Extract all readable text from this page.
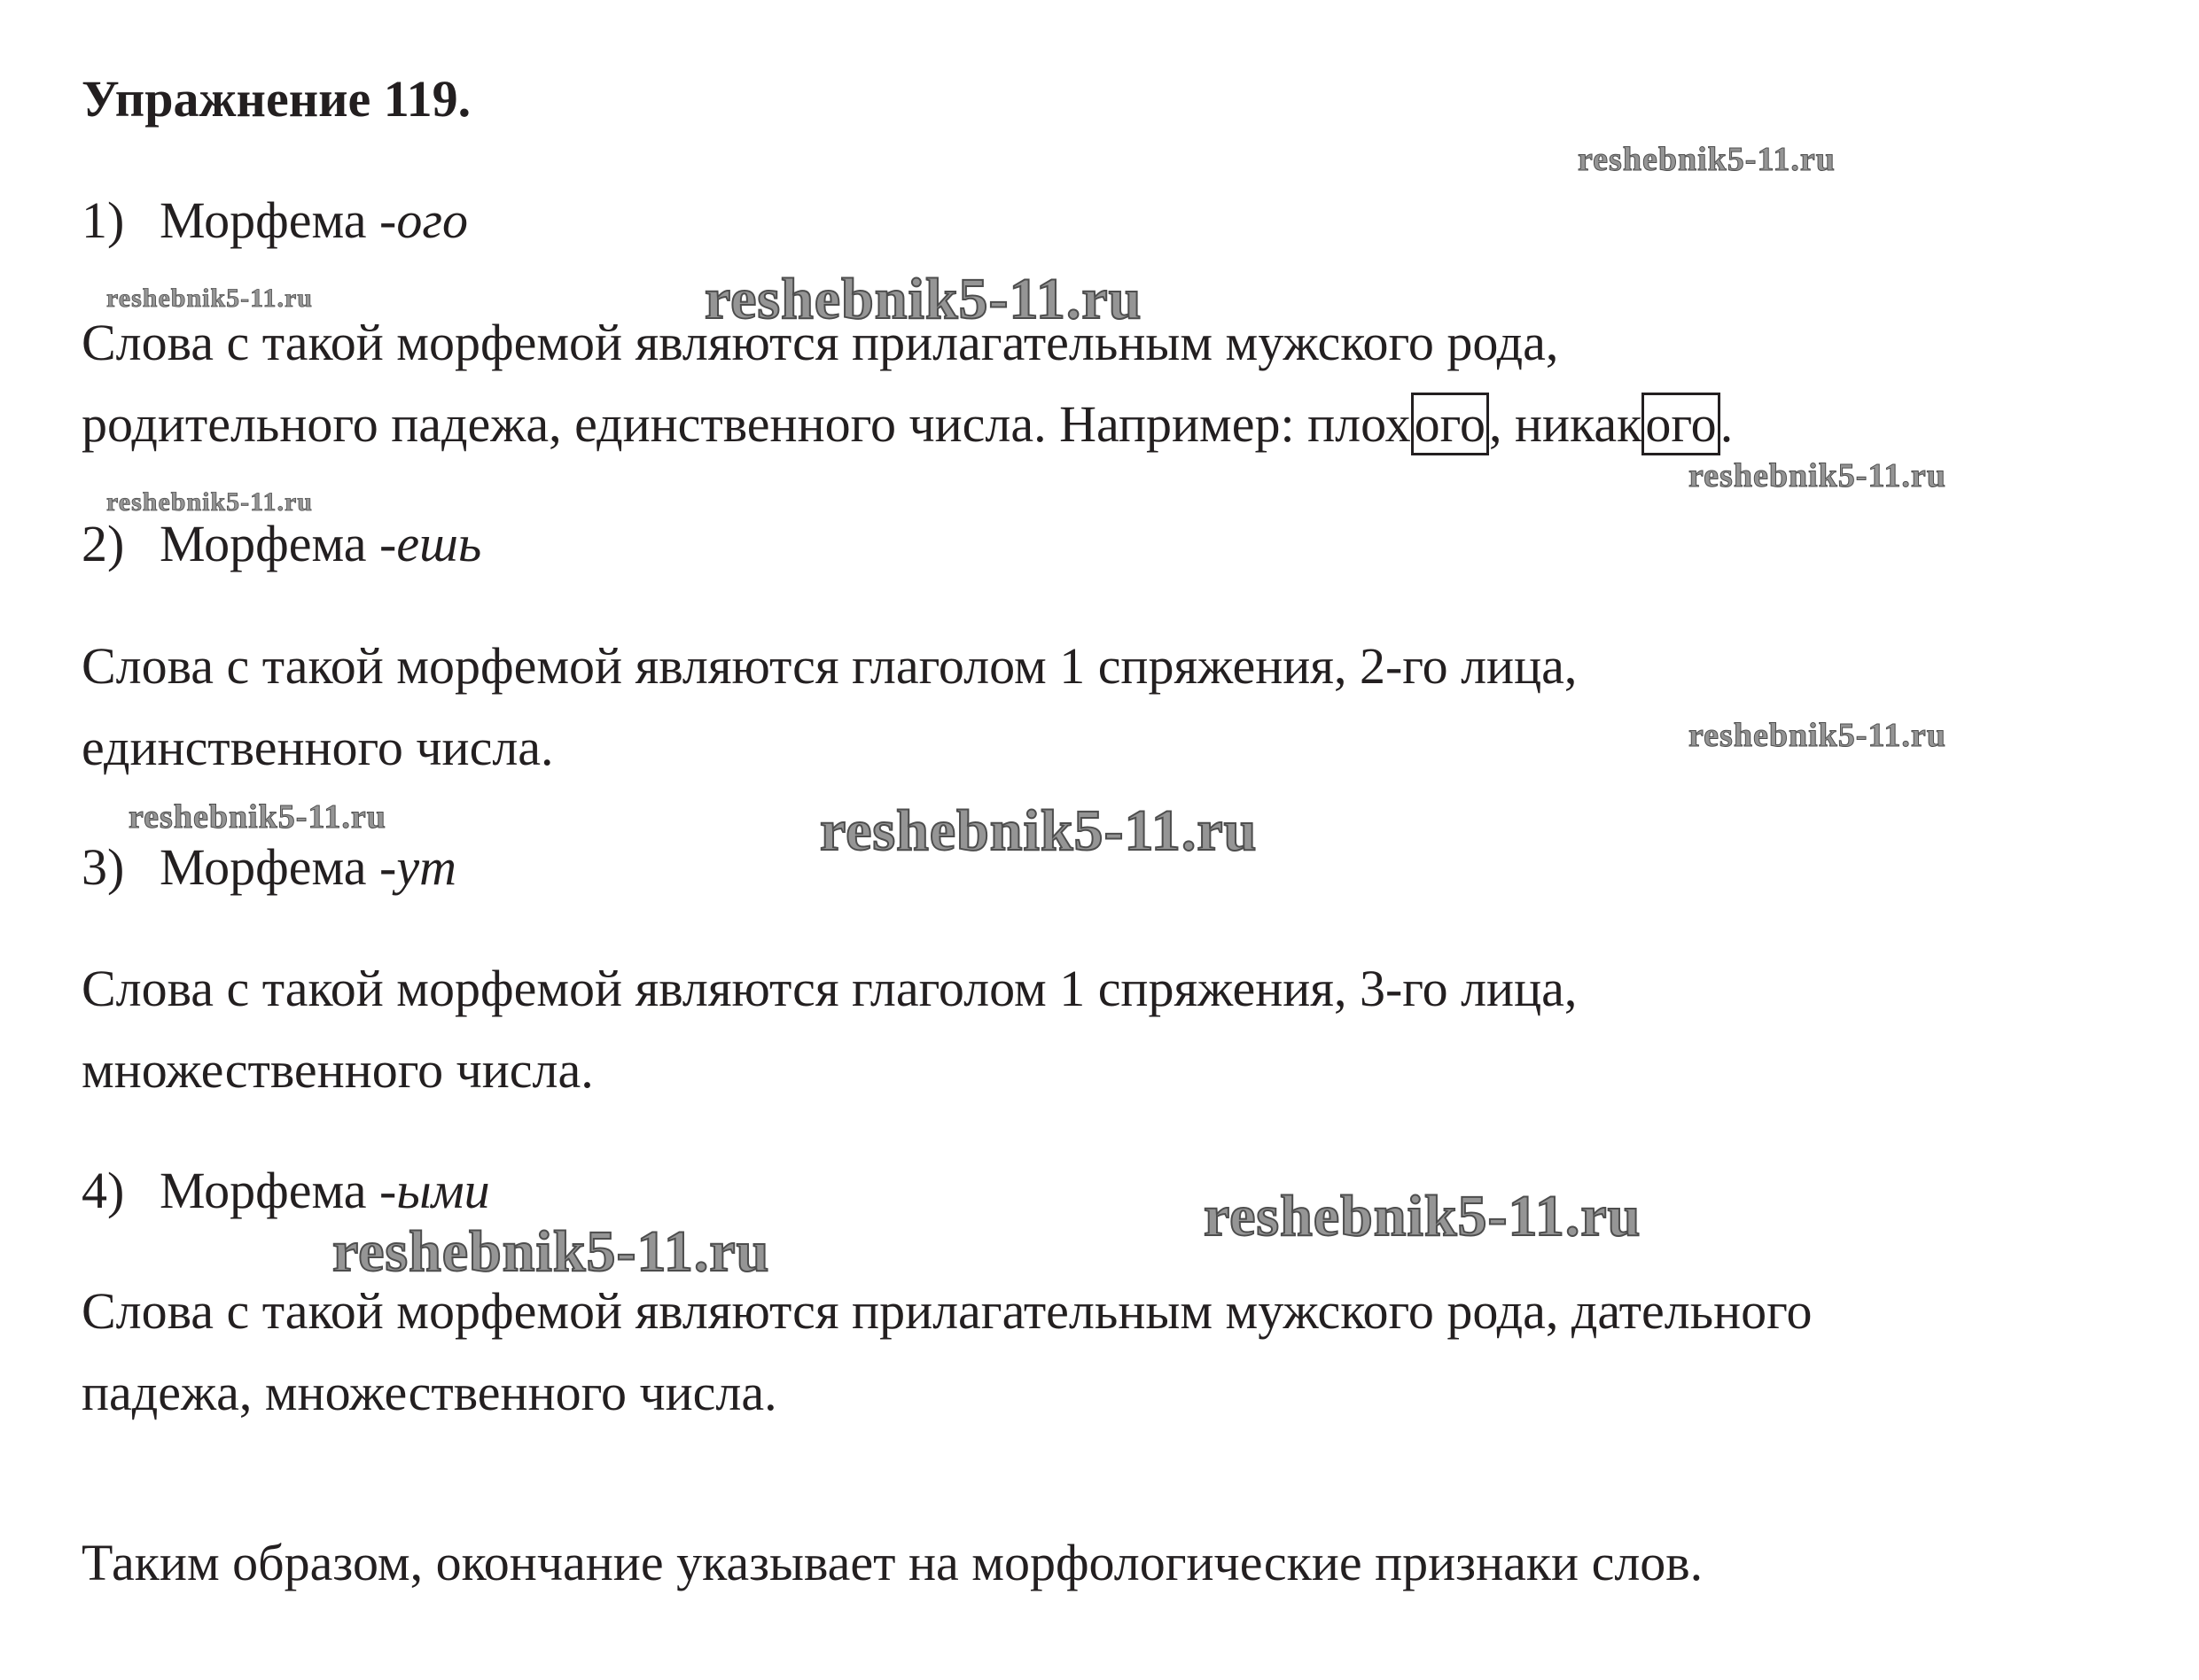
Упражнение 119.
1) Морфема -ого
Слова с такой морфемой являются прилагательным мужского рода,
родительного падежа, единственного числа. Например: плохого, никакого.
2) Морфема -ешь
Слова с такой морфемой являются глаголом 1 спряжения, 2-го лица,
единственного числа.
3) Морфема -ут
Слова с такой морфемой являются глаголом 1 спряжения, 3-го лица,
множественного числа.
4) Морфема -ыми
Слова с такой морфемой являются прилагательным мужского рода, дательного
падежа, множественного числа.
Таким образом, окончание указывает на морфологические признаки слов.
reshebnik5-11.ru
reshebnik5-11.ru	reshebnik5-11.ru
reshebnik5-11.ru
reshebnik5-11.ru
reshebnik5-11.ru
reshebnik5-11.ru	reshebnik5-11.ru
reshebnik5-11.ru
reshebnik5-11.ru
